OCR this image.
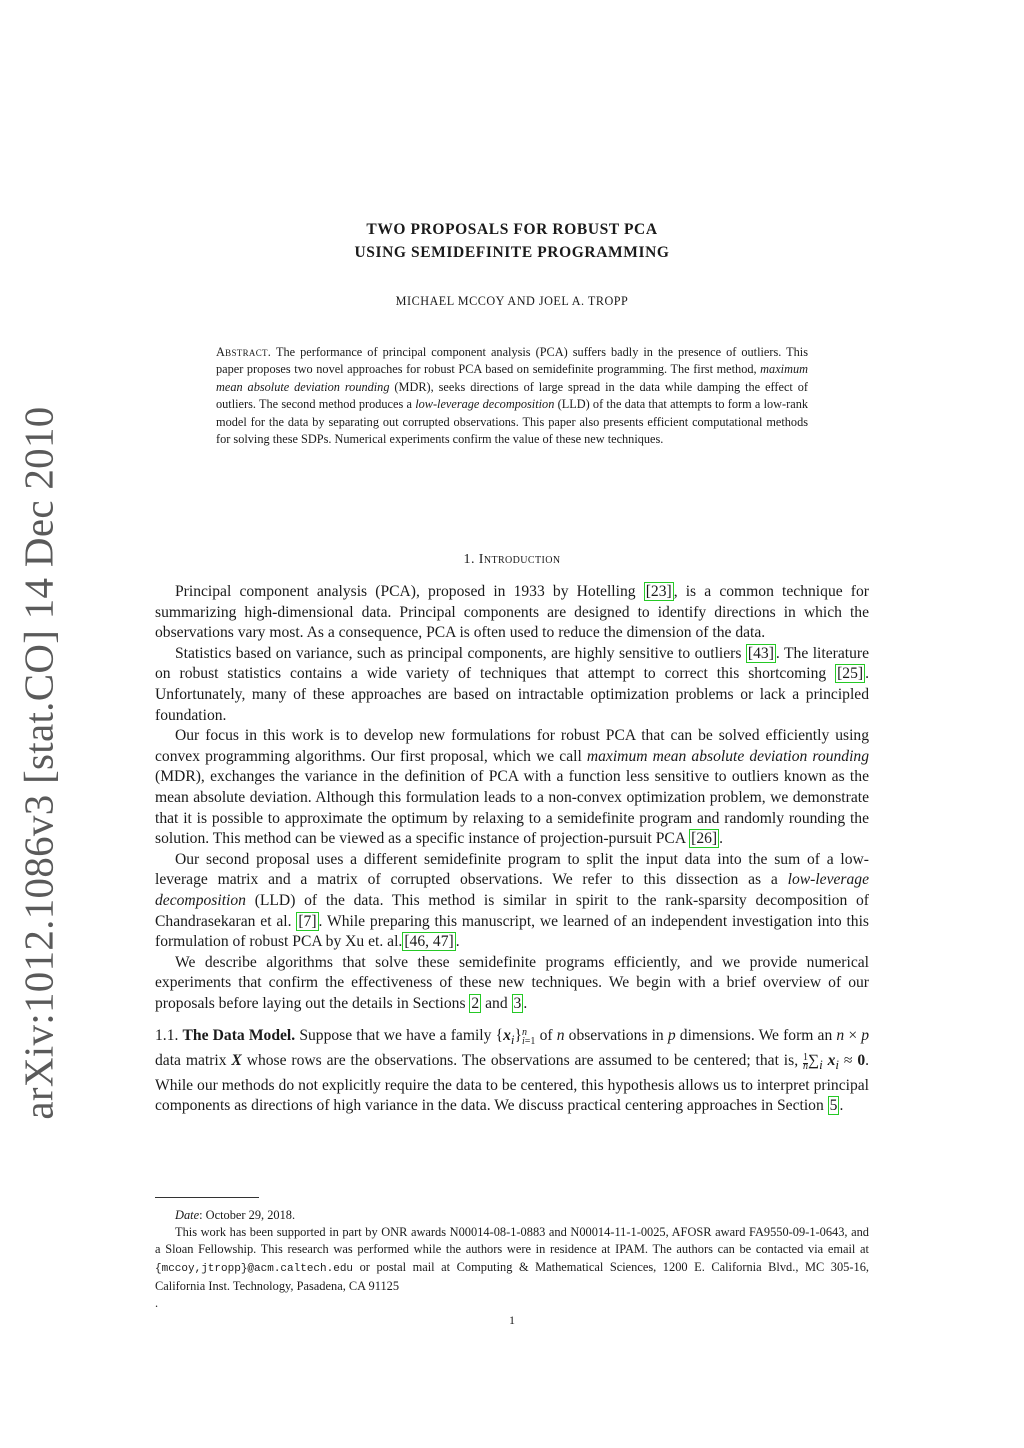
arXiv:1012.1086v3 [stat.CO] 14 Dec 2010
TWO PROPOSALS FOR ROBUST PCA
USING SEMIDEFINITE PROGRAMMING
MICHAEL MCCOY AND JOEL A. TROPP
Abstract. The performance of principal component analysis (PCA) suffers badly in the presence of outliers. This paper proposes two novel approaches for robust PCA based on semidefinite programming. The first method, maximum mean absolute deviation rounding (MDR), seeks directions of large spread in the data while damping the effect of outliers. The second method produces a low-leverage decomposition (LLD) of the data that attempts to form a low-rank model for the data by separating out corrupted observations. This paper also presents efficient computational methods for solving these SDPs. Numerical experiments confirm the value of these new techniques.
1. Introduction

Principal component analysis (PCA), proposed in 1933 by Hotelling [23] , is a common technique for summarizing high-dimensional data. Principal components are designed to identify directions in which the observations vary most. As a consequence, PCA is often used to reduce the dimension of the data.

Statistics based on variance, such as principal components, are highly sensitive to outliers [43] . The literature on robust statistics contains a wide variety of techniques that attempt to correct this shortcoming [25] . Unfortunately, many of these approaches are based on intractable optimization problems or lack a principled foundation.

Our focus in this work is to develop new formulations for robust PCA that can be solved efficiently using convex programming algorithms. Our first proposal, which we call maximum mean absolute deviation rounding (MDR), exchanges the variance in the definition of PCA with a function less sensitive to outliers known as the mean absolute deviation. Although this formulation leads to a non-convex optimization problem, we demonstrate that it is possible to approximate the optimum by relaxing to a semidefinite program and randomly rounding the solution. This method can be viewed as a specific instance of projection-pursuit PCA [26] .

Our second proposal uses a different semidefinite program to split the input data into the sum of a low-leverage matrix and a matrix of corrupted observations. We refer to this dissection as a low-leverage decomposition (LLD) of the data. This method is similar in spirit to the rank-sparsity decomposition of Chandrasekaran et al. [7] . While preparing this manuscript, we learned of an independent investigation into this formulation of robust PCA by Xu et. al. [46, 47] .

We describe algorithms that solve these semidefinite programs efficiently, and we provide numerical experiments that confirm the effectiveness of these new techniques. We begin with a brief overview of our proposals before laying out the details in Sections 2 and 3 .

1.1. The Data Model. Suppose that we have a family $\{x_i\}n$
i=1 of n observations in p dimensions. We form an n × p data matrix X whose rows are the observations. The observations are assumed to be centered; that is, 1
$n\sum_i$ $x_i \approx 0$. While our methods do not explicitly require the data to be centered, this hypothesis allows us to interpret principal components as directions of high variance in the data. We discuss practical centering approaches in Section 5 .

Date: October 29, 2018.

This work has been supported in part by ONR awards N00014-08-1-0883 and N00014-11-1-0025, AFOSR award FA9550-09-1-0643, and a Sloan Fellowship. This research was performed while the authors were in residence at IPAM. The authors can be contacted via email at {mccoy,jtropp}@acm.caltech.edu or postal mail at Computing & Mathematical Sciences, 1200 E. California Blvd., MC 305-16, California Inst. Technology, Pasadena, CA 91125

.
1
